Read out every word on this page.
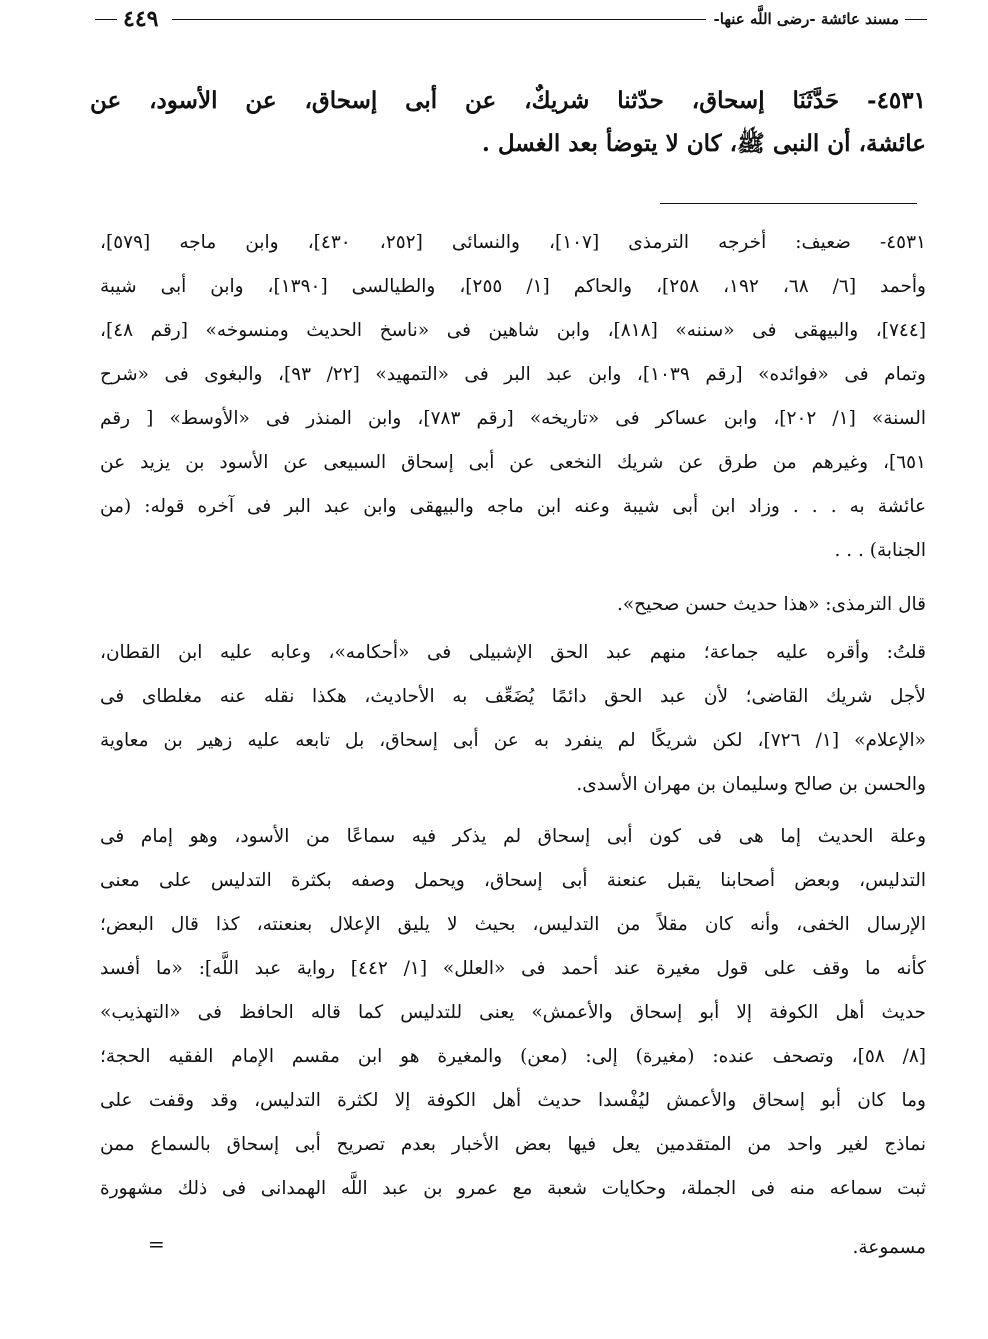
مسند عائشة -رضى اللَّه عنها-
٤٤٩
٤٥٣١- حَدَّثَنَا إسحاق، حدّثنا شريكٌ، عن أبى إسحاق، عن الأسود، عن
عائشة، أن النبى ﷺ، كان لا يتوضأ بعد الغسل .
٤٥٣١- ضعيف: أخرجه الترمذى [١٠٧]، والنسائى [٢٥٢، ٤٣٠]، وابن ماجه [٥٧٩]،
وأحمد [٦/ ٦٨، ١٩٢، ٢٥٨]، والحاكم [١/ ٢٥٥]، والطيالسى [١٣٩٠]، وابن أبى شيبة
[٧٤٤]، والبيهقى فى «سننه» [٨١٨]، وابن شاهين فى «ناسخ الحديث ومنسوخه» [رقم ٤٨]،
وتمام فى «فوائده» [رقم ١٠٣٩]، وابن عبد البر فى «التمهيد» [٢٢/ ٩٣]، والبغوى فى «شرح
السنة» [١/ ٢٠٢]، وابن عساكر فى «تاريخه» [رقم ٧٨٣]، وابن المنذر فى «الأوسط» [ رقم
٦٥١]، وغيرهم من طرق عن شريك النخعى عن أبى إسحاق السبيعى عن الأسود بن يزيد عن
عائشة به . . . وزاد ابن أبى شيبة وعنه ابن ماجه والبيهقى وابن عبد البر فى آخره قوله: (من
الجنابة) . . .
قال الترمذى: «هذا حديث حسن صحيح».
قلتُ: وأقره عليه جماعة؛ منهم عبد الحق الإشبيلى فى «أحكامه»، وعابه عليه ابن القطان،
لأجل شريك القاضى؛ لأن عبد الحق دائمًا يُضَعِّف به الأحاديث، هكذا نقله عنه مغلطاى فى
«الإعلام» [١/ ٧٢٦]، لكن شريكًا لم ينفرد به عن أبى إسحاق، بل تابعه عليه زهير بن معاوية
والحسن بن صالح وسليمان بن مهران الأسدى.
وعلة الحديث إما هى فى كون أبى إسحاق لم يذكر فيه سماعًا من الأسود، وهو إمام فى
التدليس، وبعض أصحابنا يقبل عنعنة أبى إسحاق، ويحمل وصفه بكثرة التدليس على معنى
الإرسال الخفى، وأنه كان مقلاً من التدليس، بحيث لا يليق الإعلال بعنعنته، كذا قال البعض؛
كأنه ما وقف على قول مغيرة عند أحمد فى «العلل» [١/ ٤٤٢] رواية عبد اللَّه]: «ما أفسد
حديث أهل الكوفة إلا أبو إسحاق والأعمش» يعنى للتدليس كما قاله الحافظ فى «التهذيب»
[٨/ ٥٨]، وتصحف عنده: (مغيرة) إلى: (معن) والمغيرة هو ابن مقسم الإمام الفقيه الحجة؛
وما كان أبو إسحاق والأعمش ليُفْسدا حديث أهل الكوفة إلا لكثرة التدليس، وقد وقفت على
نماذج لغير واحد من المتقدمين يعل فيها بعض الأخبار بعدم تصريح أبى إسحاق بالسماع ممن
ثبت سماعه منه فى الجملة، وحكايات شعبة مع عمرو بن عبد اللَّه الهمدانى فى ذلك مشهورة
مسموعة.
=
